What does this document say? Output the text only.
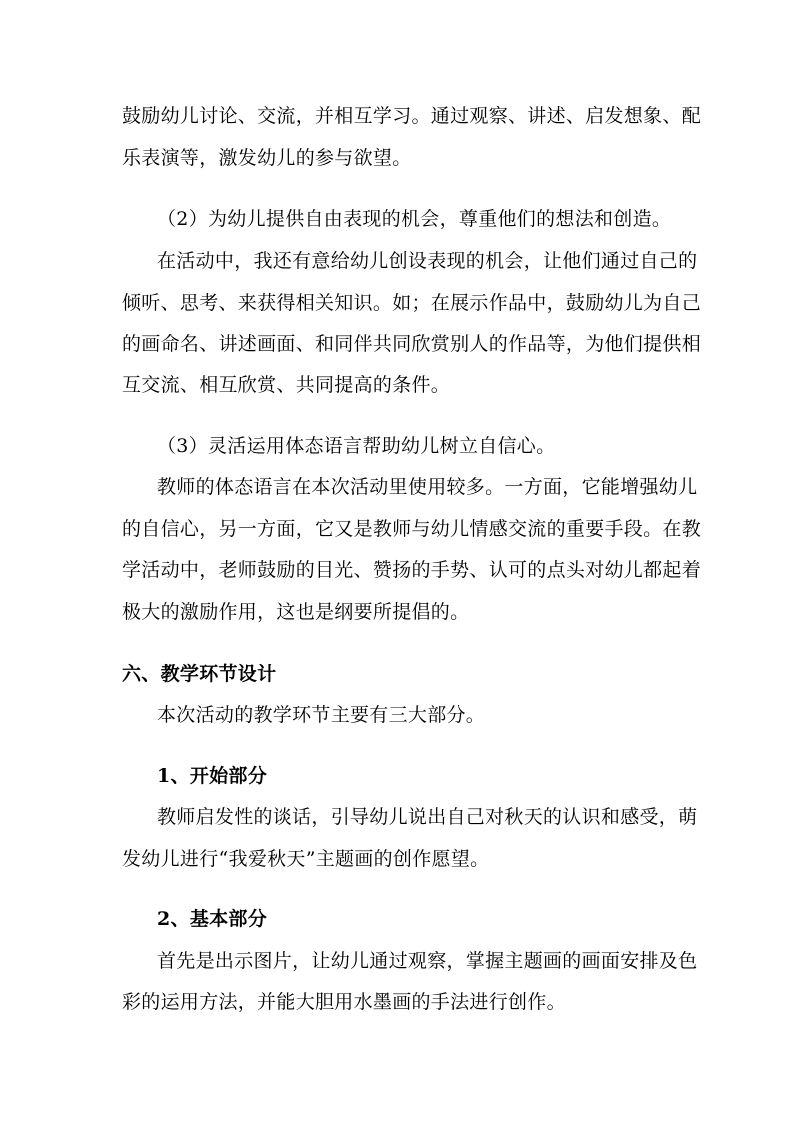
鼓励幼儿讨论、交流，并相互学习。通过观察、讲述、启发想象、配
乐表演等，激发幼儿的参与欲望。
（2）为幼儿提供自由表现的机会，尊重他们的想法和创造。
在活动中，我还有意给幼儿创设表现的机会，让他们通过自己的
倾听、思考、来获得相关知识。如；在展示作品中，鼓励幼儿为自己
的画命名、讲述画面、和同伴共同欣赏别人的作品等，为他们提供相
互交流、相互欣赏、共同提高的条件。
（3）灵活运用体态语言帮助幼儿树立自信心。
教师的体态语言在本次活动里使用较多。一方面，它能增强幼儿
的自信心，另一方面，它又是教师与幼儿情感交流的重要手段。在教
学活动中，老师鼓励的目光、赞扬的手势、认可的点头对幼儿都起着
极大的激励作用，这也是纲要所提倡的。
六、教学环节设计
本次活动的教学环节主要有三大部分。
1、开始部分
教师启发性的谈话，引导幼儿说出自己对秋天的认识和感受，萌
发幼儿进行“我爱秋天”主题画的创作愿望。
2、基本部分
首先是出示图片，让幼儿通过观察，掌握主题画的画面安排及色
彩的运用方法，并能大胆用水墨画的手法进行创作。
